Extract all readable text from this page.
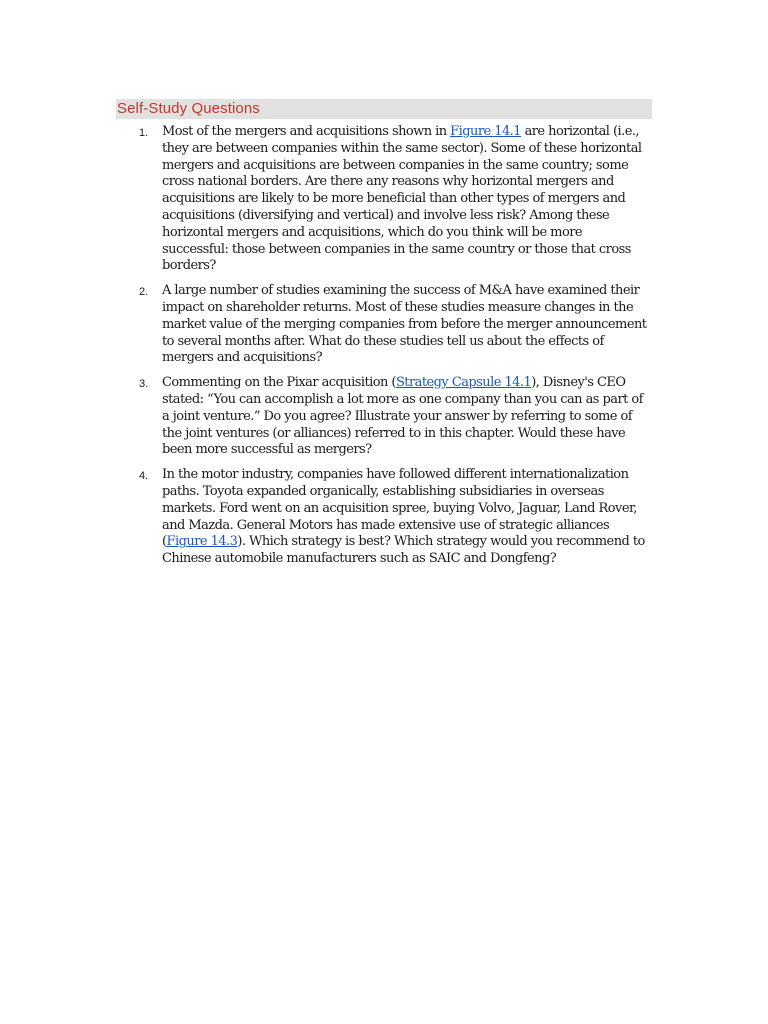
Self-Study Questions
1. Most of the mergers and acquisitions shown in Figure 14.1 are horizontal (i.e., they are between companies within the same sector). Some of these horizontal mergers and acquisitions are between companies in the same country; some cross national borders. Are there any reasons why horizontal mergers and acquisitions are likely to be more beneficial than other types of mergers and acquisitions (diversifying and vertical) and involve less risk? Among these horizontal mergers and acquisitions, which do you think will be more successful: those between companies in the same country or those that cross borders?
2. A large number of studies examining the success of M&A have examined their impact on shareholder returns. Most of these studies measure changes in the market value of the merging companies from before the merger announcement to several months after. What do these studies tell us about the effects of mergers and acquisitions?
3. Commenting on the Pixar acquisition (Strategy Capsule 14.1), Disney's CEO stated: “You can accomplish a lot more as one company than you can as part of a joint venture.” Do you agree? Illustrate your answer by referring to some of the joint ventures (or alliances) referred to in this chapter. Would these have been more successful as mergers?
4. In the motor industry, companies have followed different internationalization paths. Toyota expanded organically, establishing subsidiaries in overseas markets. Ford went on an acquisition spree, buying Volvo, Jaguar, Land Rover, and Mazda. General Motors has made extensive use of strategic alliances (Figure 14.3). Which strategy is best? Which strategy would you recommend to Chinese automobile manufacturers such as SAIC and Dongfeng?
